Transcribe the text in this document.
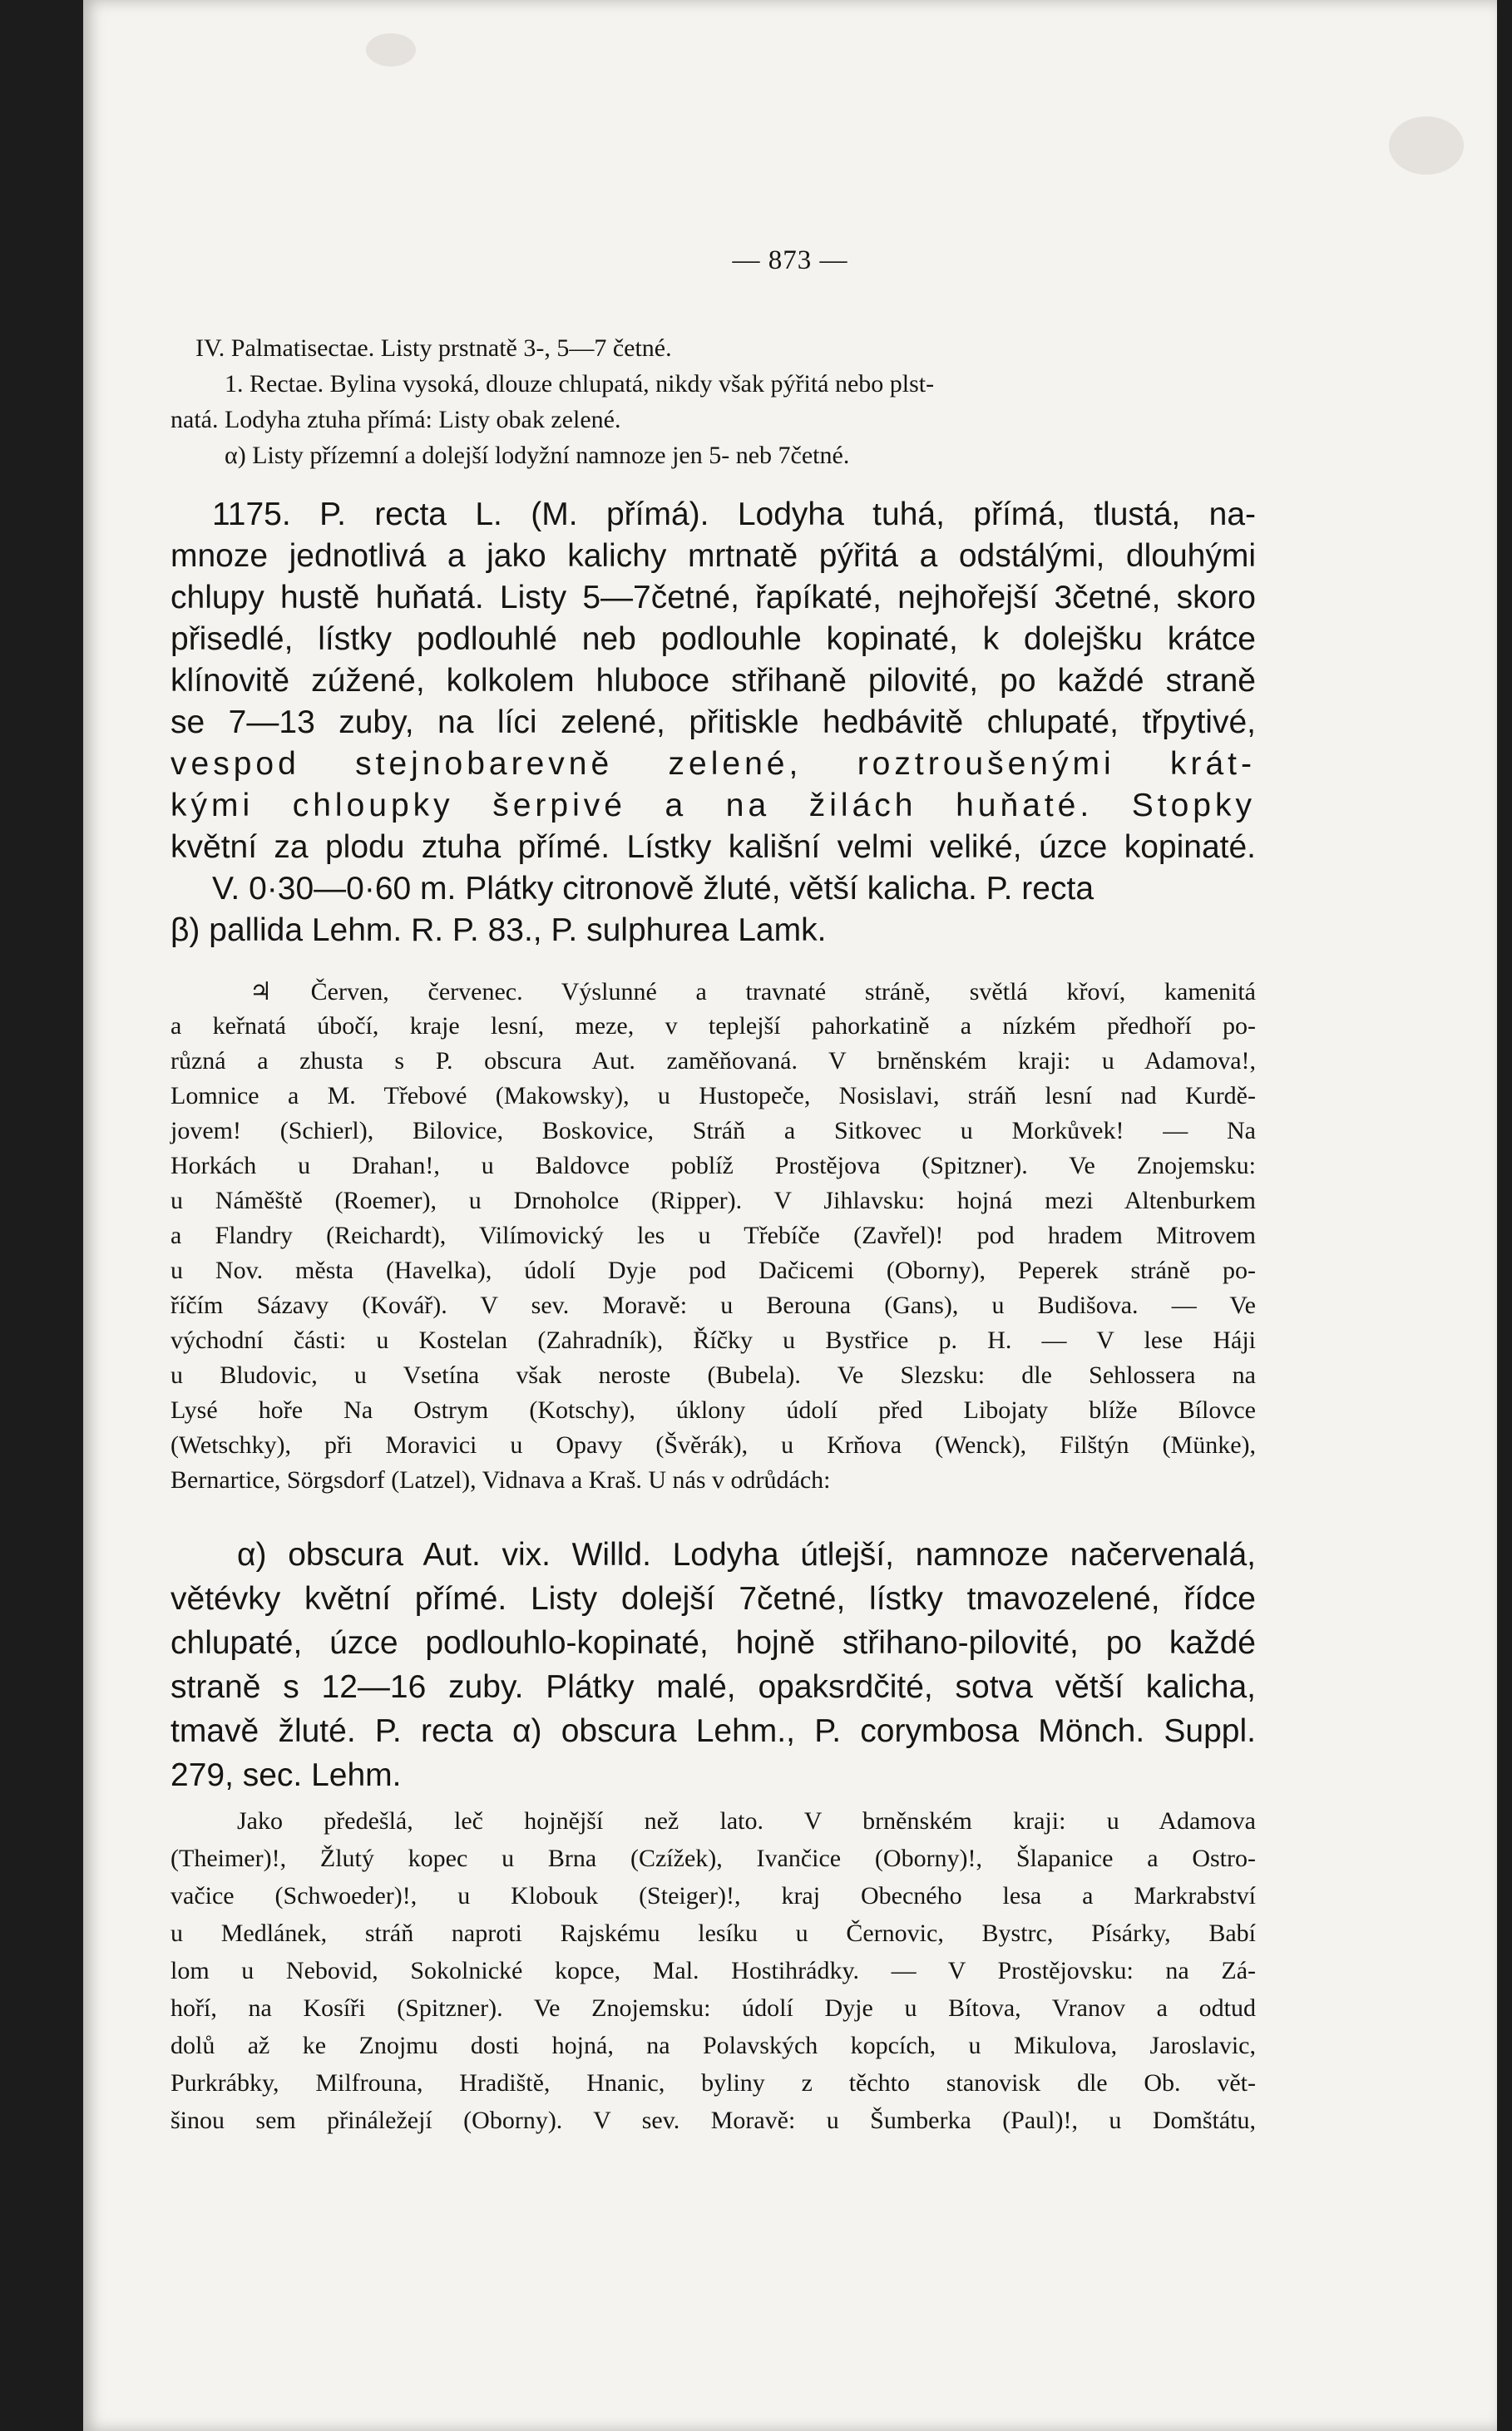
— 873 —
IV. Palmatisectae. Listy prstnatě 3-, 5—7 četné.
1. Rectae. Bylina vysoká, dlouze chlupatá, nikdy však pýřitá nebo plst-
natá. Lodyha ztuha přímá: Listy obak zelené.
α) Listy přízemní a dolejší lodyžní namnoze jen 5- neb 7četné.
1175. P. recta L. (M. přímá). Lodyha tuhá, přímá, tlustá, na-
mnoze jednotlivá a jako kalichy mrtnatě pýřitá a odstálými, dlouhými
chlupy hustě huňatá. Listy 5—7četné, řapíkaté, nejhořejší 3četné, skoro
přisedlé, lístky podlouhlé neb podlouhle kopinaté, k dolejšku krátce
klínovitě zúžené, kolkolem hluboce střihaně pilovité, po každé straně
se 7—13 zuby, na líci zelené, přitiskle hedbávitě chlupaté, třpytivé,
vespod stejnobarevně zelené, roztroušenými krát-
kými chloupky šerpivé a na žilách huňaté. Stopky
květní za plodu ztuha přímé. Lístky kališní velmi veliké, úzce kopinaté.
V. 0·30—0·60 m. Plátky citronově žluté, větší kalicha. P. recta
β) pallida Lehm. R. P. 83., P. sulphurea Lamk.
♃ Červen, červenec. Výslunné a travnaté stráně, světlá křoví, kamenitá
a keřnatá úbočí, kraje lesní, meze, v teplejší pahorkatině a nízkém předhoří po-
různá a zhusta s P. obscura Aut. zaměňovaná. V brněnském kraji: u Adamova!,
Lomnice a M. Třebové (Makowsky), u Hustopeče, Nosislavi, stráň lesní nad Kurdě-
jovem! (Schierl), Bilovice, Boskovice, Stráň a Sitkovec u Morkůvek! — Na
Horkách u Drahan!, u Baldovce poblíž Prostějova (Spitzner). Ve Znojemsku:
u Náměště (Roemer), u Drnoholce (Ripper). V Jihlavsku: hojná mezi Altenburkem
a Flandry (Reichardt), Vilímovický les u Třebíče (Zavřel)! pod hradem Mitrovem
u Nov. města (Havelka), údolí Dyje pod Dačicemi (Oborny), Peperek stráně po-
říčím Sázavy (Kovář). V sev. Moravě: u Berouna (Gans), u Budišova. — Ve
východní části: u Kostelan (Zahradník), Říčky u Bystřice p. H. — V lese Háji
u Bludovic, u Vsetína však neroste (Bubela). Ve Slezsku: dle Sehlossera na
Lysé hoře Na Ostrym (Kotschy), úklony údolí před Libojaty blíže Bílovce
(Wetschky), při Moravici u Opavy (Švěrák), u Krňova (Wenck), Filštýn (Münke),
Bernartice, Sörgsdorf (Latzel), Vidnava a Kraš. U nás v odrůdách:
α) obscura Aut. vix. Willd. Lodyha útlejší, namnoze načervenalá,
větévky květní přímé. Listy dolejší 7četné, lístky tmavozelené, řídce
chlupaté, úzce podlouhlo-kopinaté, hojně střihano-pilovité, po každé
straně s 12—16 zuby. Plátky malé, opaksrdčité, sotva větší kalicha,
tmavě žluté. P. recta α) obscura Lehm., P. corymbosa Mönch. Suppl.
279, sec. Lehm.
Jako předešlá, leč hojnější než lato. V brněnském kraji: u Adamova
(Theimer)!, Žlutý kopec u Brna (Czížek), Ivančice (Oborny)!, Šlapanice a Ostro-
vačice (Schwoeder)!, u Klobouk (Steiger)!, kraj Obecného lesa a Markrabství
u Medlánek, stráň naproti Rajskému lesíku u Černovic, Bystrc, Písárky, Babí
lom u Nebovid, Sokolnické kopce, Mal. Hostihrádky. — V Prostějovsku: na Zá-
hoří, na Kosíři (Spitzner). Ve Znojemsku: údolí Dyje u Bítova, Vranov a odtud
dolů až ke Znojmu dosti hojná, na Polavských kopcích, u Mikulova, Jaroslavic,
Purkrábky, Milfrouna, Hradiště, Hnanic, byliny z těchto stanovisk dle Ob. vět-
šinou sem přináležejí (Oborny). V sev. Moravě: u Šumberka (Paul)!, u Domštátu,
